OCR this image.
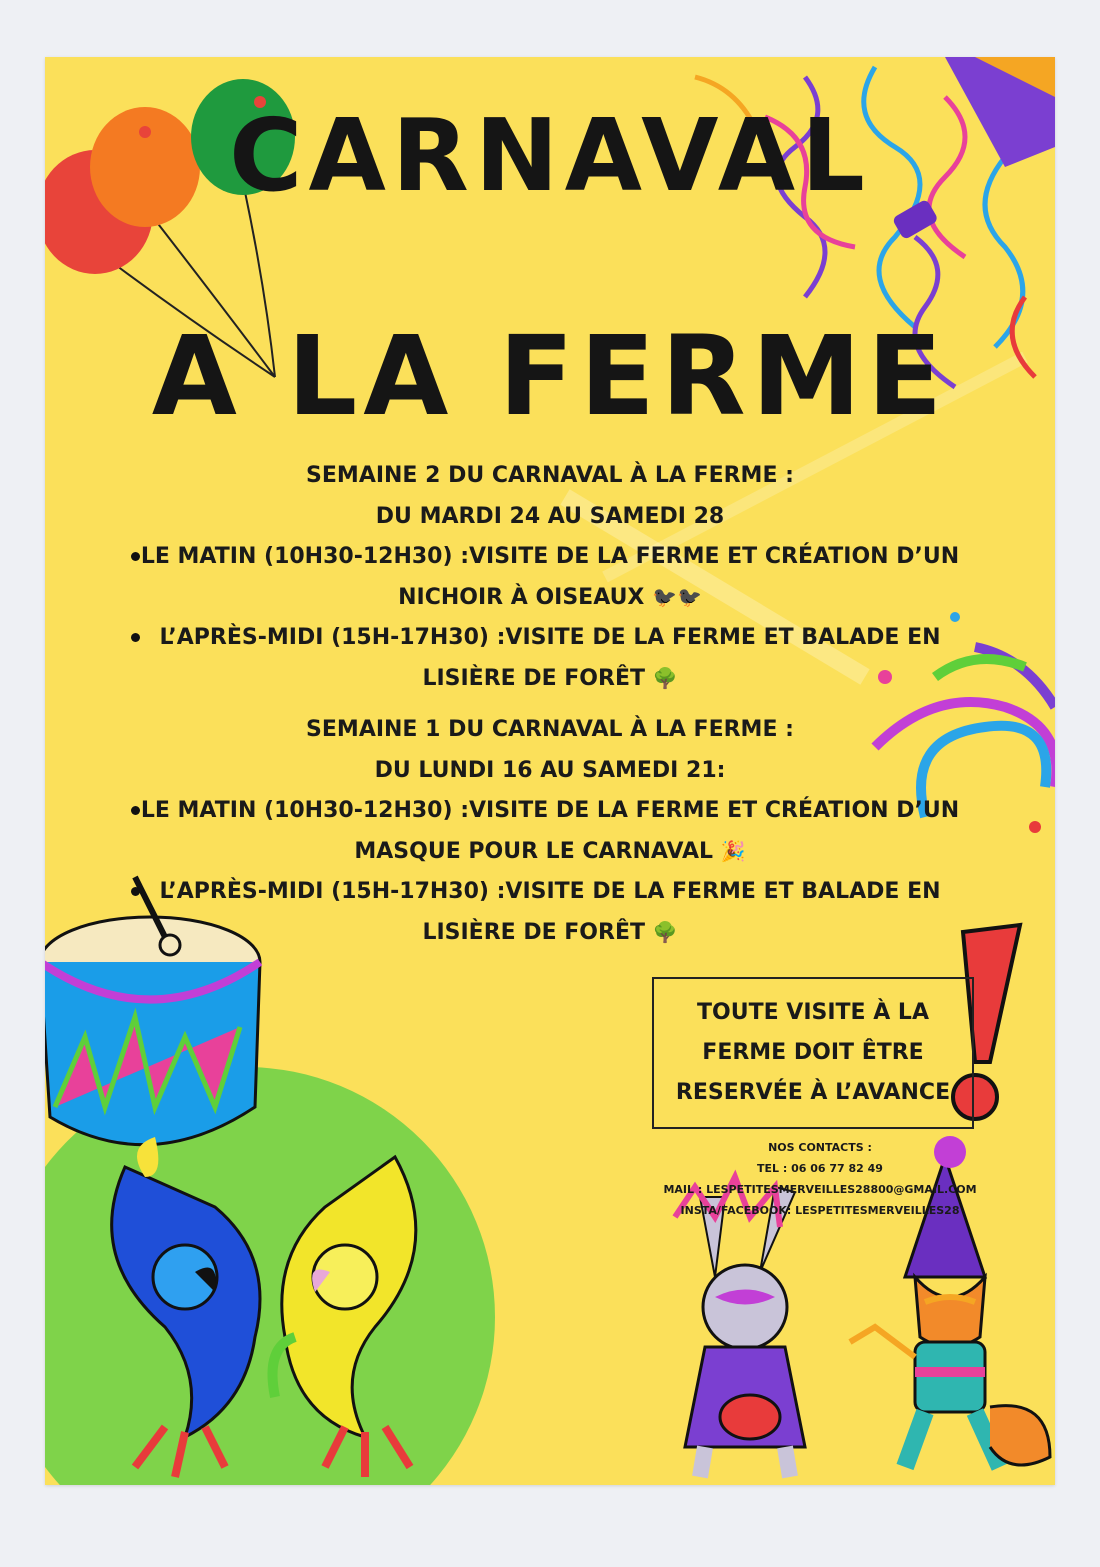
CARNAVAL
A LA FERME
SEMAINE 2 DU CARNAVAL À LA FERME :
DU MARDI 24 AU SAMEDI 28
LE MATIN (10H30-12H30) :VISITE DE LA FERME ET CRÉATION D’UN
NICHOIR À OISEAUX 🐦‍⬛🐦‍⬛
L’APRÈS-MIDI (15H-17H30) :VISITE DE LA FERME ET BALADE EN
LISIÈRE DE FORÊT 🌳
SEMAINE 1 DU CARNAVAL À LA FERME :
DU LUNDI 16 AU SAMEDI 21:
LE MATIN (10H30-12H30) :VISITE DE LA FERME ET CRÉATION D’UN
MASQUE POUR LE CARNAVAL 🎉
L’APRÈS-MIDI (15H-17H30) :VISITE DE LA FERME ET BALADE EN
LISIÈRE DE FORÊT 🌳
TOUTE VISITE À LA
FERME DOIT ÊTRE
RESERVÉE À L’AVANCE
NOS CONTACTS :
TEL : 06 06 77 82 49
MAIL : LESPETITESMERVEILLES28800@GMAIL.COM
INSTA/FACEBOOK: LESPETITESMERVEILLES28
